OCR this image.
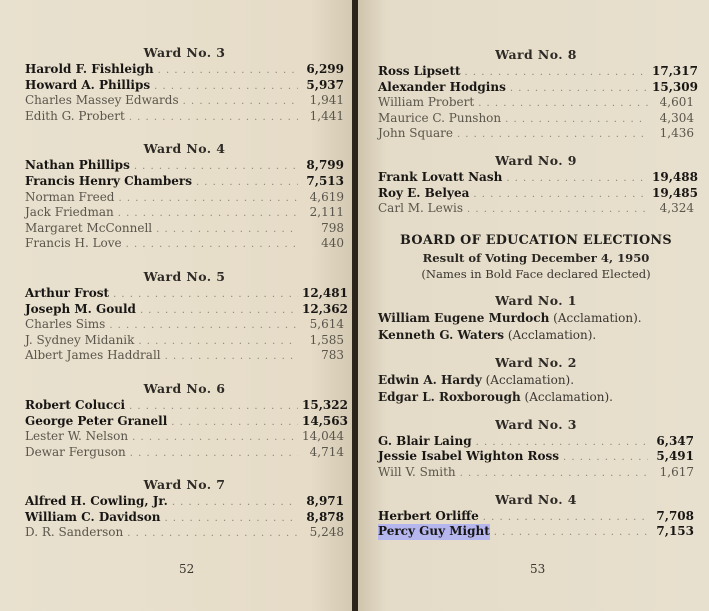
Ward No. 3
Harold F. Fishleigh . . .	6,299
Howard A. Phillips . . .	5,937
Charles Massey Edwards . . .	1,941
Edith G. Probert . . .	1,441
Ward No. 4
Nathan Phillips . . .	8,799
Francis Henry Chambers . . .	7,513
Norman Freed . . .	4,619
Jack Friedman . . .	2,111
Margaret McConnell . . .	798
Francis H. Love . . .	440
Ward No. 5
Arthur Frost . . .	12,481
Joseph M. Gould . . .	12,362
Charles Sims . . .	5,614
J. Sydney Midanik . . .	1,585
Albert James Haddrall . . .	783
Ward No. 6
Robert Colucci . . .	15,322
George Peter Granell . . .	14,563
Lester W. Nelson . . .	14,044
Dewar Ferguson . . .	4,714
Ward No. 7
Alfred H. Cowling, Jr. . . .	8,971
William C. Davidson . . .	8,878
D. R. Sanderson . . .	5,248
52
Ward No. 8
Ross Lipsett . . .	17,317
Alexander Hodgins . . .	15,309
William Probert . . .	4,601
Maurice C. Punshon . . .	4,304
John Square . . .	1,436
Ward No. 9
Frank Lovatt Nash . . .	19,488
Roy E. Belyea . . .	19,485
Carl M. Lewis . . .	4,324
BOARD OF EDUCATION ELECTIONS
Result of Voting December 4, 1950
(Names in Bold Face declared Elected)
Ward No. 1
William Eugene Murdoch (Acclamation).
Kenneth G. Waters (Acclamation).
Ward No. 2
Edwin A. Hardy (Acclamation).
Edgar L. Roxborough (Acclamation).
Ward No. 3
G. Blair Laing . . .	6,347
Jessie Isabel Wighton Ross . . .	5,491
Will V. Smith . . .	1,617
Ward No. 4
Herbert Orliffe . . .	7,708
Percy Guy Might . . .	7,153
53
